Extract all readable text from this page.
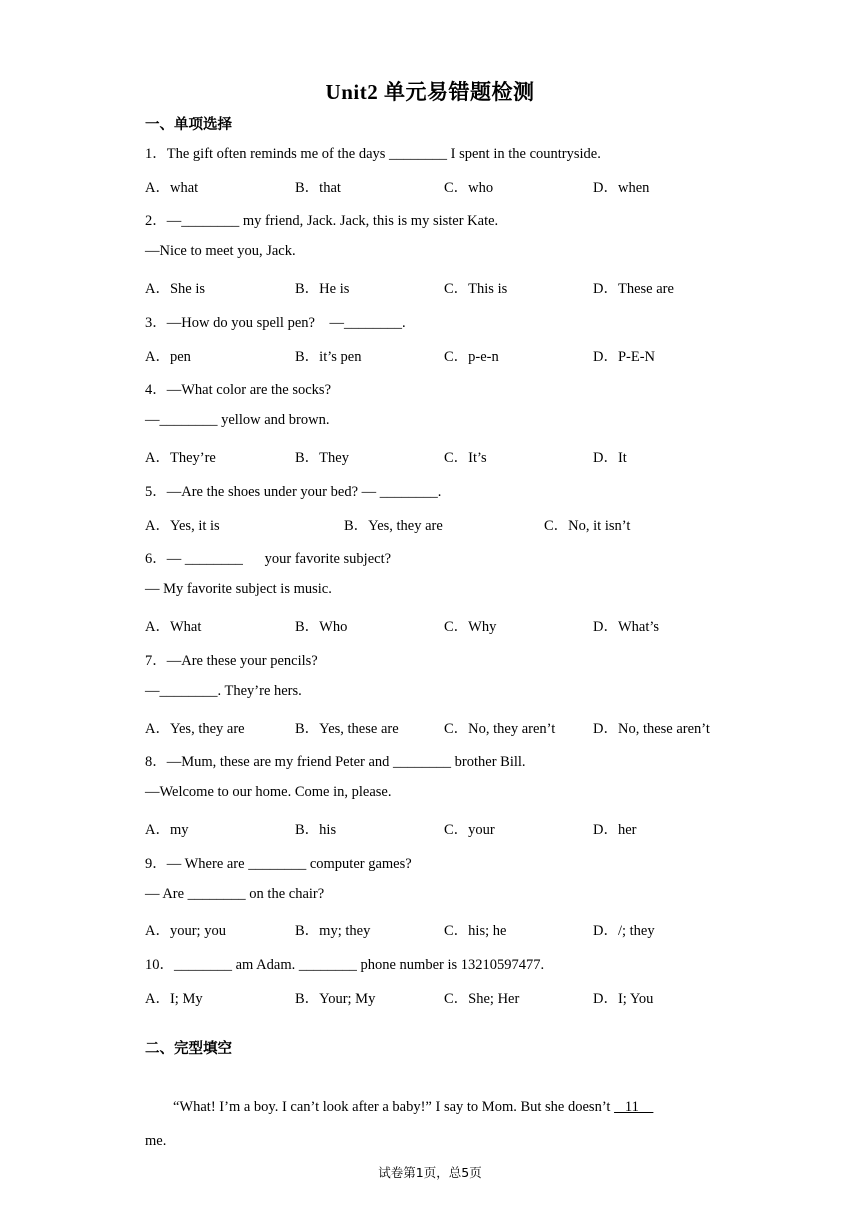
Unit2 单元易错题检测
一、单项选择
1．The gift often reminds me of the days ________ I spent in the countryside.
A．what	B．that	C．who	D．when
2．—________ my friend, Jack. Jack, this is my sister Kate.
—Nice to meet you, Jack.
A．She is	B．He is	C．This is	D．These are
3．—How do you spell pen?    —________.
A．pen	B．it’s pen	C．p-e-n	D．P-E-N
4．—What color are the socks?
—________ yellow and brown.
A．They’re	B．They	C．It’s	D．It
5．—Are the shoes under your bed? — ________.
A．Yes, it is	B．Yes, they are	C．No, it isn’t
6．— ________      your favorite subject?
— My favorite subject is music.
A．What	B．Who	C．Why	D．What’s
7．—Are these your pencils?
—________. They’re hers.
A．Yes, they are	B．Yes, these are	C．No, they aren’t	D．No, these aren’t
8．—Mum, these are my friend Peter and ________ brother Bill.
—Welcome to our home. Come in, please.
A．my	B．his	C．your	D．her
9．— Where are ________ computer games?
— Are ________ on the chair?
A．your; you	B．my; they	C．his; he	D．/; they
10．________ am Adam. ________ phone number is 13210597477.
A．I; My	B．Your; My	C．She; Her	D．I; You
二、完型填空
“What! I’m a boy. I can’t look after a baby!” I say to Mom. But she doesn’t    11
me.
试卷第1页，总5页
